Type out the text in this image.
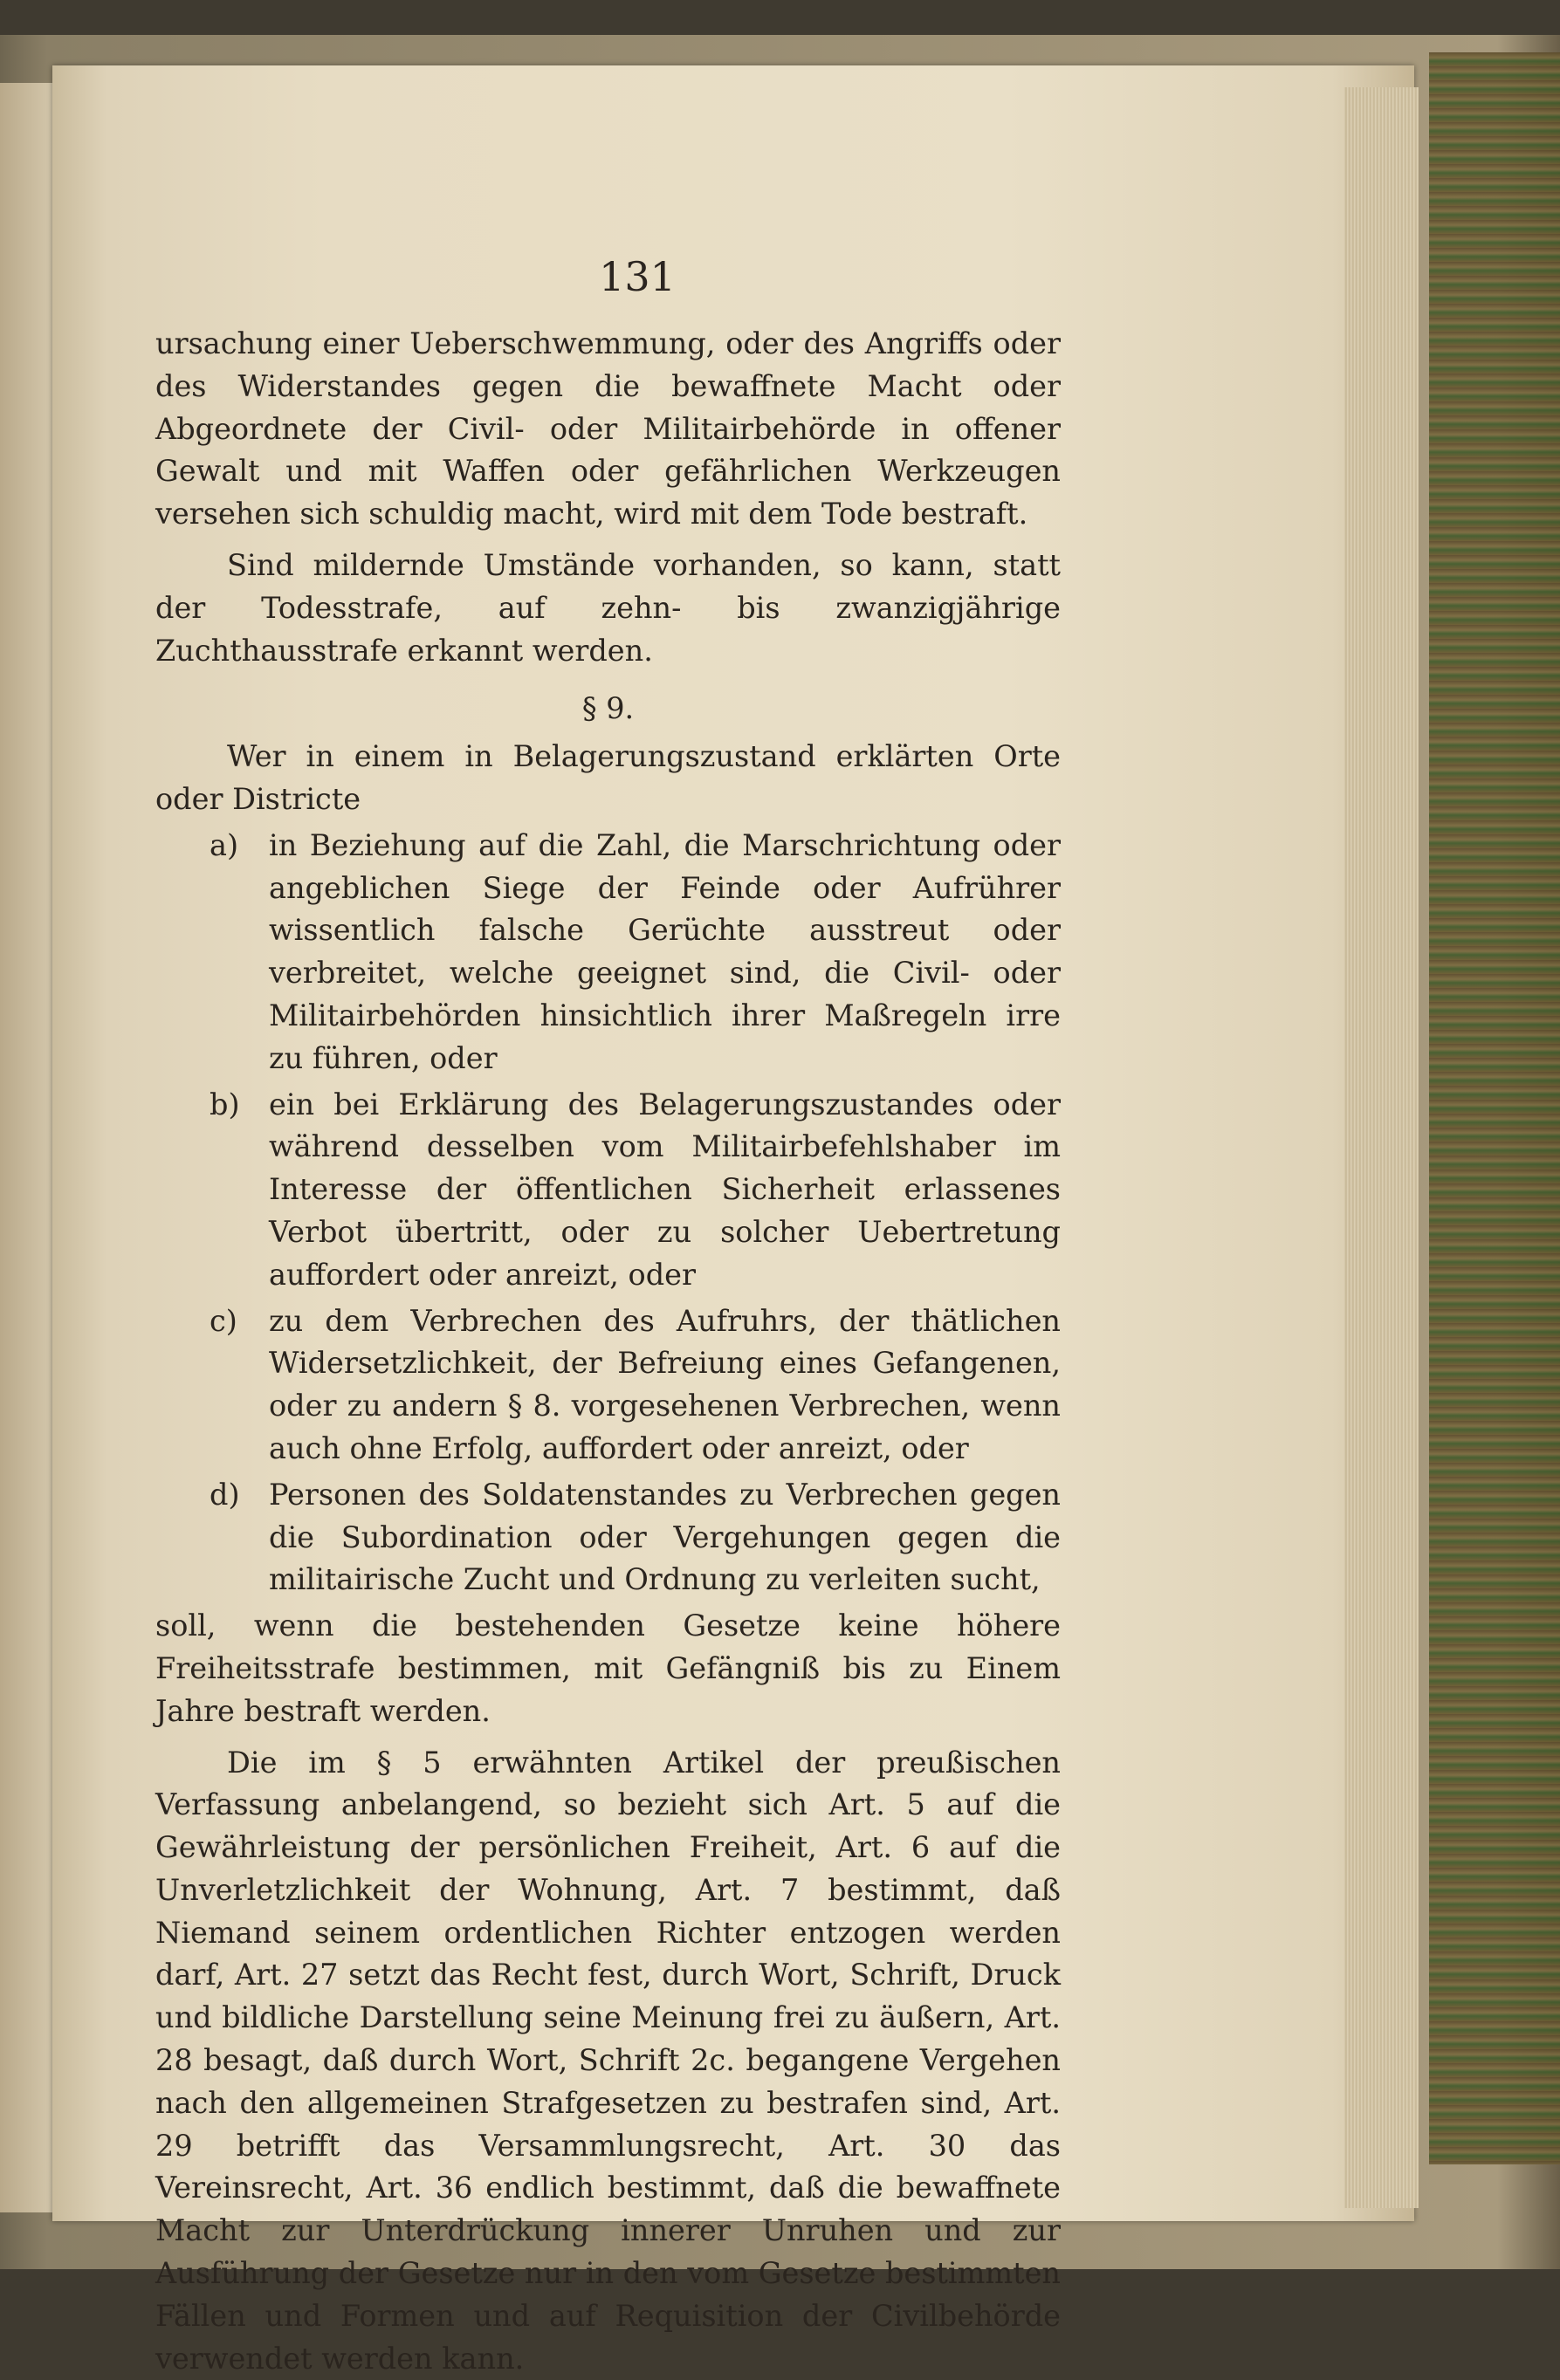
131

ursachung einer Ueberschwemmung, oder des Angriffs oder des Widerstandes gegen die bewaffnete Macht oder Abgeordnete der Civil- oder Militairbehörde in offener Gewalt und mit Waffen oder gefährlichen Werkzeugen versehen sich schuldig macht, wird mit dem Tode bestraft.

Sind mildernde Umstände vorhanden, so kann, statt der Todesstrafe, auf zehn- bis zwanzigjährige Zuchthausstrafe erkannt werden.

§ 9.

Wer in einem in Belagerungszustand erklärten Orte oder Districte

a) in Beziehung auf die Zahl, die Marschrichtung oder angeblichen Siege der Feinde oder Aufrührer wissentlich falsche Gerüchte ausstreut oder verbreitet, welche geeignet sind, die Civil- oder Militairbehörden hinsichtlich ihrer Maßregeln irre zu führen, oder

b) ein bei Erklärung des Belagerungszustandes oder während desselben vom Militairbefehlshaber im Interesse der öffentlichen Sicherheit erlassenes Verbot übertritt, oder zu solcher Uebertretung auffordert oder anreizt, oder

c) zu dem Verbrechen des Aufruhrs, der thätlichen Widersetzlichkeit, der Befreiung eines Gefangenen, oder zu andern § 8. vorgesehenen Verbrechen, wenn auch ohne Erfolg, auffordert oder anreizt, oder

d) Personen des Soldatenstandes zu Verbrechen gegen die Subordination oder Vergehungen gegen die militairische Zucht und Ordnung zu verleiten sucht,

soll, wenn die bestehenden Gesetze keine höhere Freiheitsstrafe bestimmen, mit Gefängniß bis zu Einem Jahre bestraft werden.

Die im § 5 erwähnten Artikel der preußischen Verfassung anbelangend, so bezieht sich Art. 5 auf die Gewährleistung der persönlichen Freiheit, Art. 6 auf die Unverletzlichkeit der Wohnung, Art. 7 bestimmt, daß Niemand seinem ordentlichen Richter entzogen werden darf, Art. 27 setzt das Recht fest, durch Wort, Schrift, Druck und bildliche Darstellung seine Meinung frei zu äußern, Art. 28 besagt, daß durch Wort, Schrift 2c. begangene Vergehen nach den allgemeinen Strafgesetzen zu bestrafen sind, Art. 29 betrifft das Versammlungsrecht, Art. 30 das Vereinsrecht, Art. 36 endlich bestimmt, daß die bewaffnete Macht zur Unterdrückung innerer Unruhen und zur Ausführung der Gesetze nur in den vom Gesetze bestimmten Fällen und Formen und auf Requisition der Civilbehörde verwendet werden kann.
